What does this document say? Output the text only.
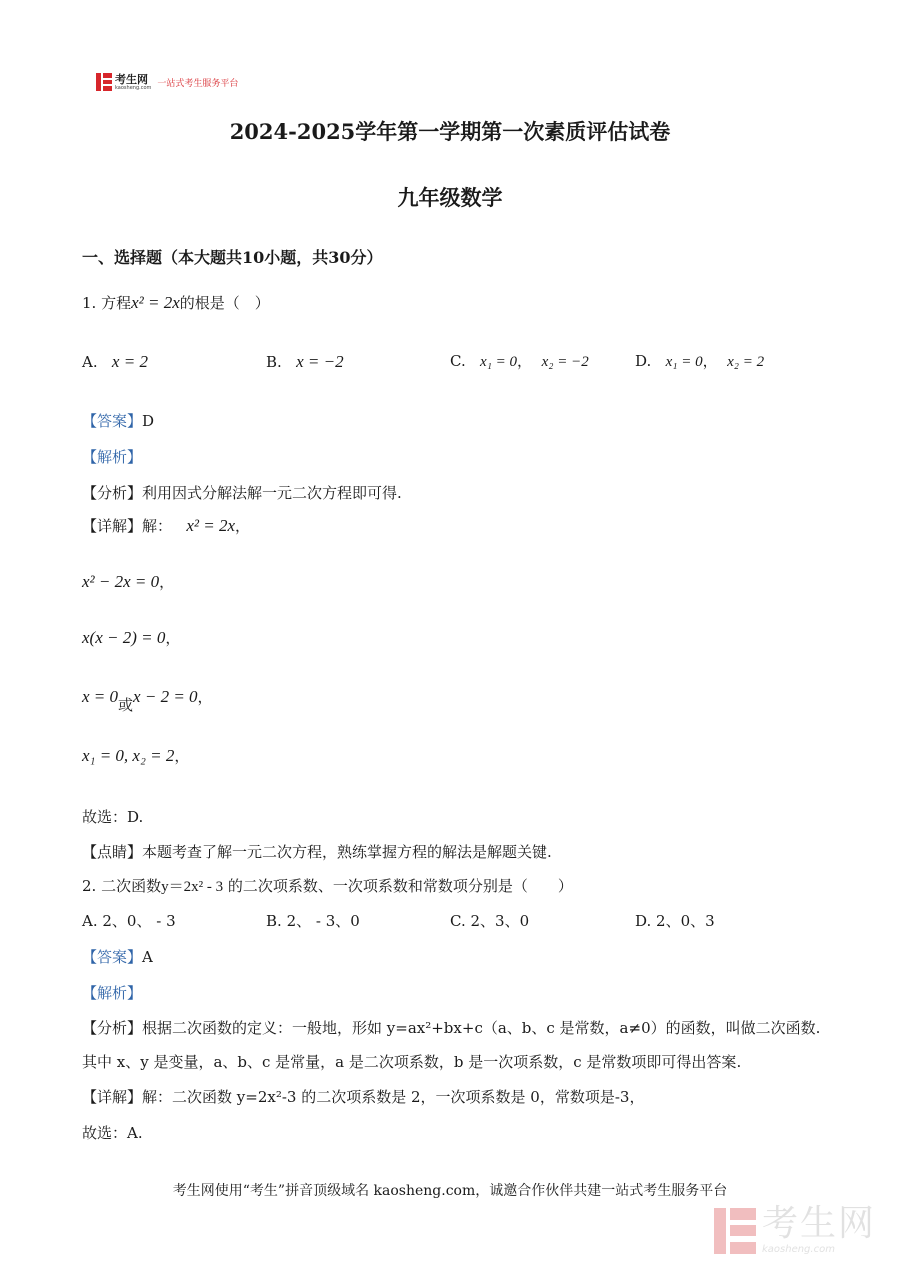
考生网
kaosheng.com 一站式考生服务平台
2024-2025学年第一学期第一次素质评估试卷
九年级数学
一、选择题（本大题共10小题，共30分）
1. 方程x² = 2x的根是（　）
A. x = 2	B. x = −2	C. x₁ = 0， x₂ = −2	D. x₁ = 0， x₂ = 2
【答案】D
【解析】
【分析】利用因式分解法解一元二次方程即可得.
【详解】解： x² = 2x，
x² − 2x = 0，
x(x − 2) = 0，
x = 0或x − 2 = 0，
x₁ = 0, x₂ = 2，
故选：D.
【点睛】本题考查了解一元二次方程，熟练掌握方程的解法是解题关键.
2. 二次函数y＝2x² - 3 的二次项系数、一次项系数和常数项分别是（　　）
A. 2、0、 - 3	B. 2、 - 3、0	C. 2、3、0	D. 2、0、3
【答案】A
【解析】
【分析】根据二次函数的定义：一般地，形如 y=ax²+bx+c（a、b、c 是常数，a≠0）的函数，叫做二次函数.
其中 x、y 是变量，a、b、c 是常量，a 是二次项系数，b 是一次项系数，c 是常数项即可得出答案.
【详解】解：二次函数 y=2x²-3 的二次项系数是 2，一次项系数是 0，常数项是-3，
故选：A.
考生网使用“考生”拼音顶级域名 kaosheng.com，诚邀合作伙伴共建一站式考生服务平台
考生网
kaosheng.com
